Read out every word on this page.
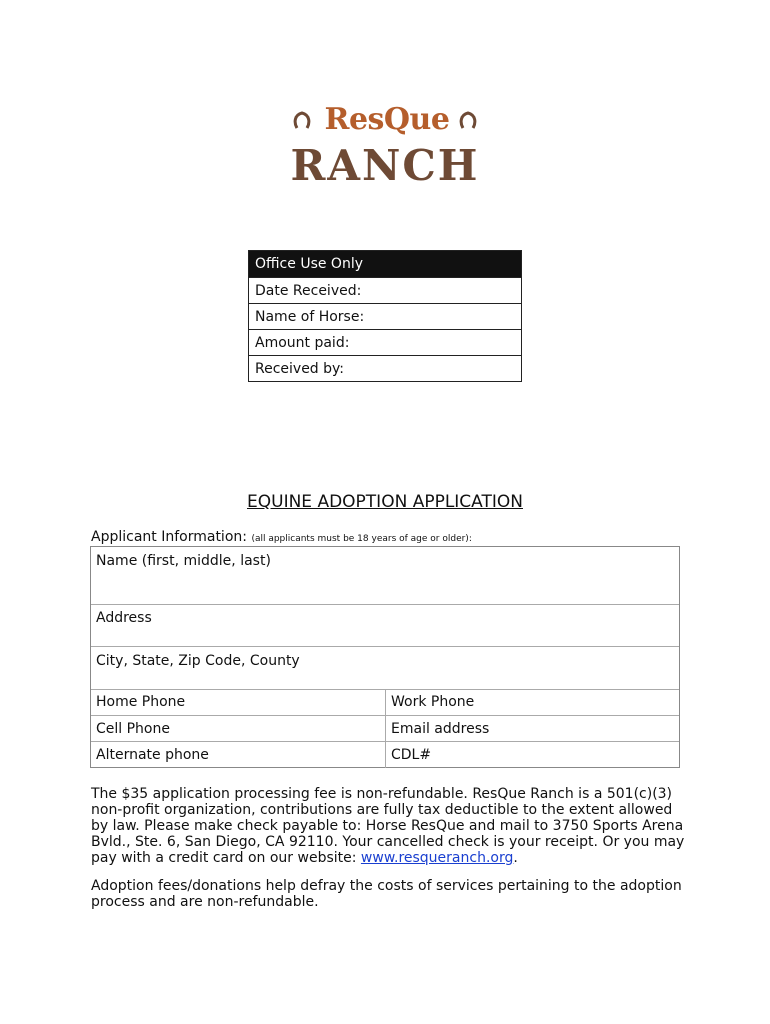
ResQue
RANCH
Office Use Only
Date Received:
Name of Horse:
Amount paid:
Received by:
EQUINE ADOPTION APPLICATION
Applicant Information: (all applicants must be 18 years of age or older):
Name (first, middle, last)
Address
City, State, Zip Code, County
Home Phone	Work Phone
Cell Phone	Email address
Alternate phone	CDL#
The $35 application processing fee is non-refundable. ResQue Ranch is a 501(c)(3) non-profit organization, contributions are fully tax deductible to the extent allowed by law. Please make check payable to: Horse ResQue and mail to 3750 Sports Arena Bvld., Ste. 6, San Diego, CA 92110. Your cancelled check is your receipt. Or you may pay with a credit card on our website: www.resqueranch.org.
Adoption fees/donations help defray the costs of services pertaining to the adoption process and are non-refundable.
